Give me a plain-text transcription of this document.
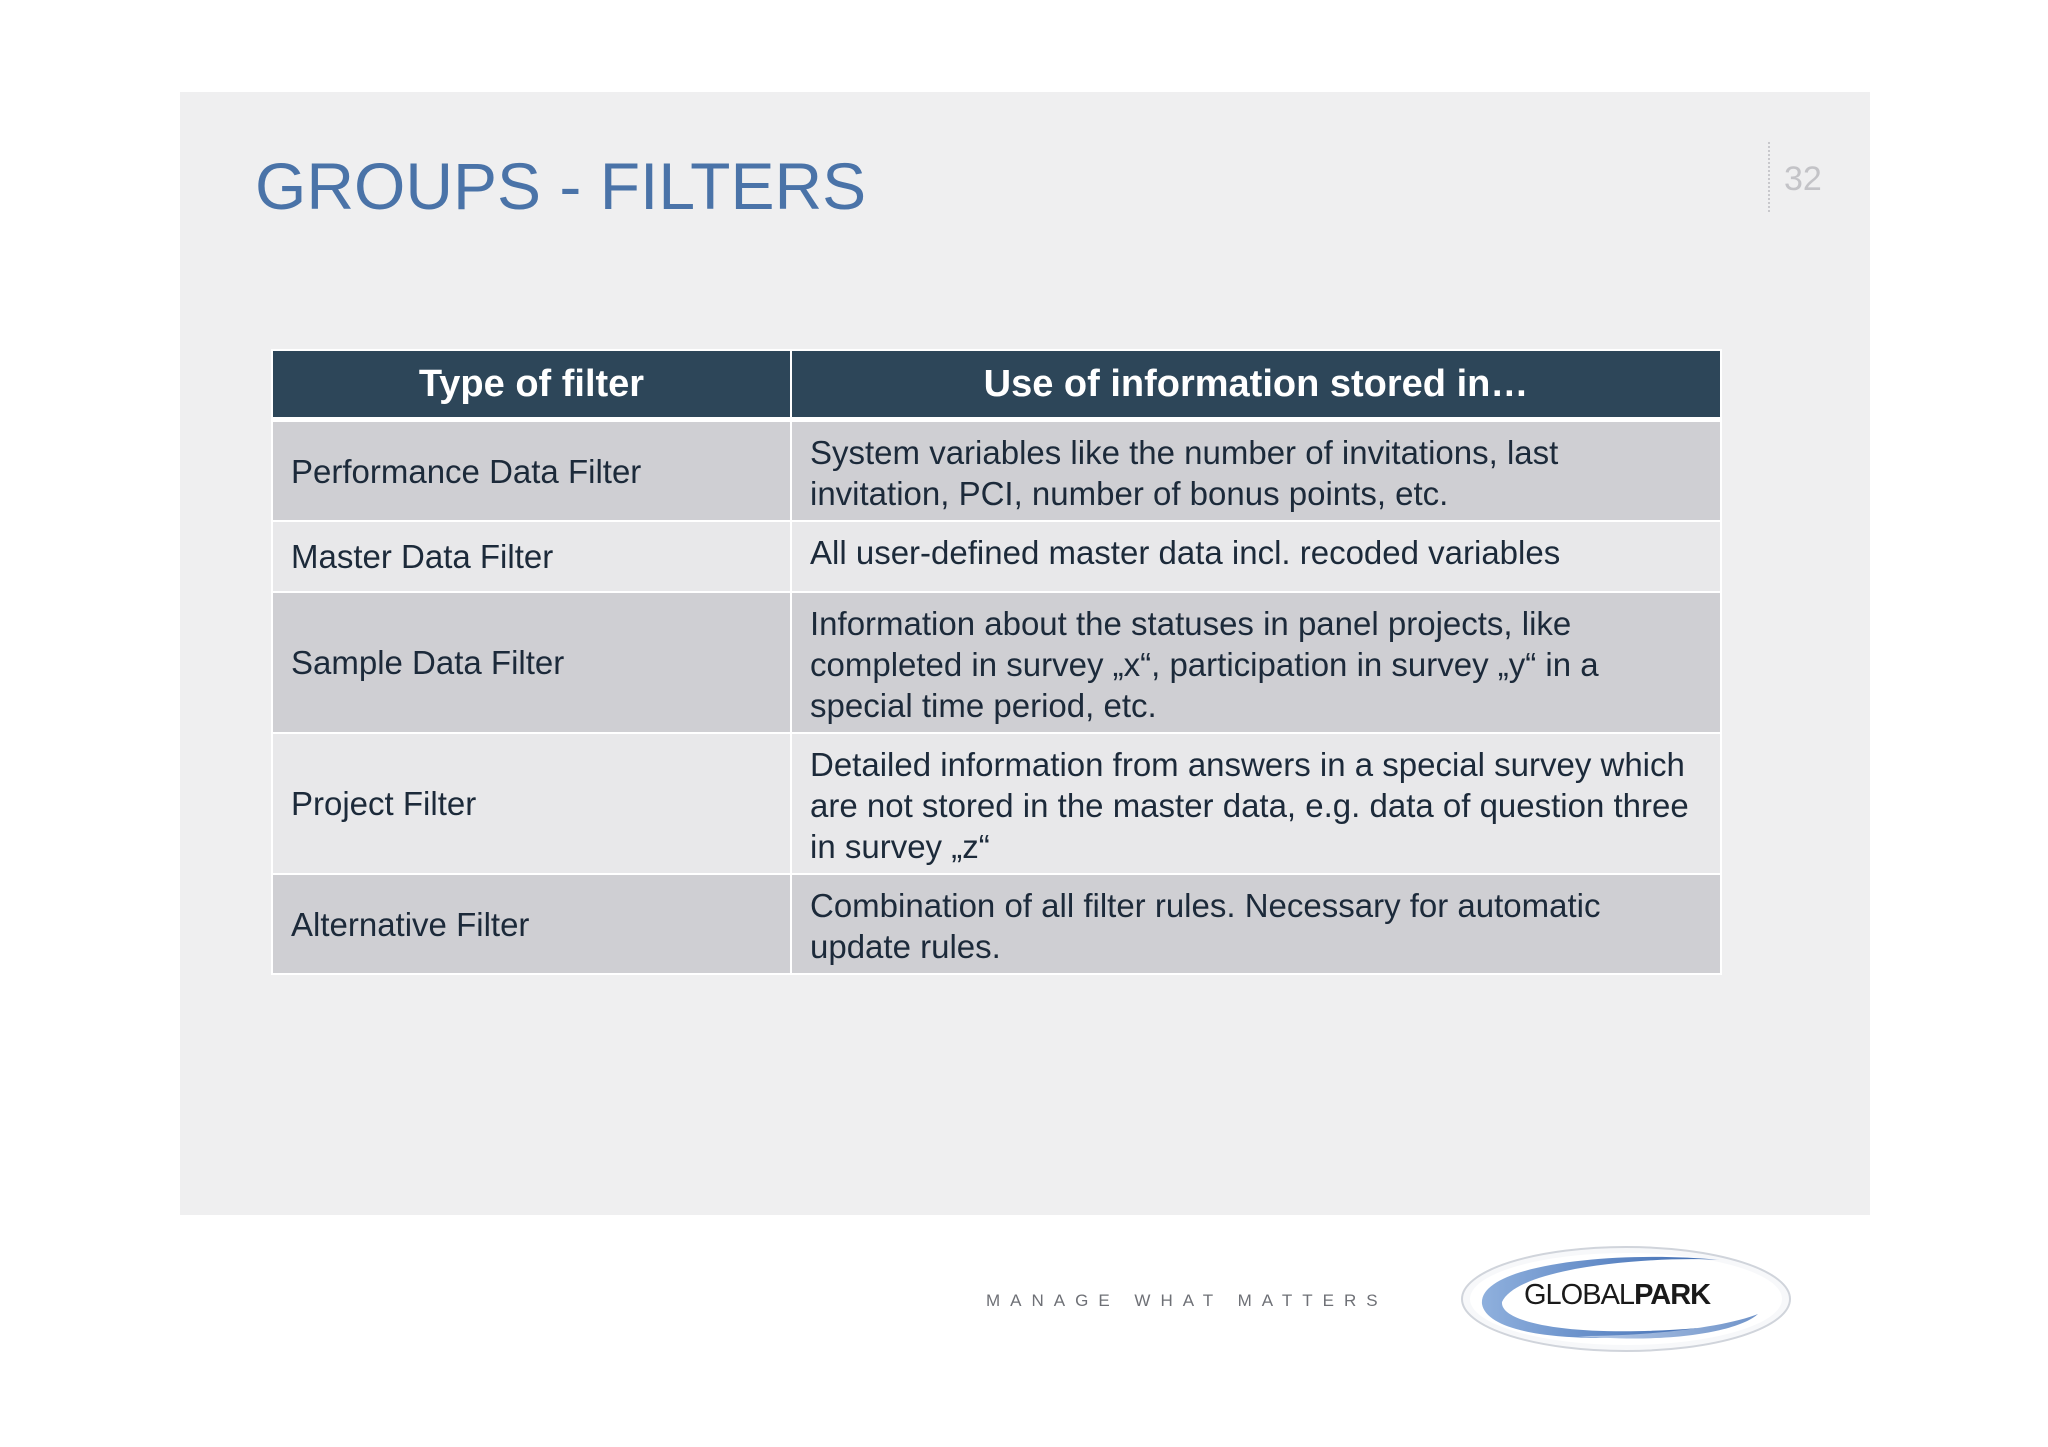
GROUPS - FILTERS	32
Type of filter	Use of information stored in…
Performance Data Filter	System variables like the number of invitations, last invitation, PCI, number of bonus points, etc.
Master Data Filter	All user-defined master data incl. recoded variables
Sample Data Filter	Information about the statuses in panel projects, like completed in survey „x“, participation in survey „y“ in a special time period, etc.
Project Filter	Detailed information from answers in a special survey which are not stored in the master data, e.g. data of question three in survey „z“
Alternative Filter	Combination of all filter rules. Necessary for automatic update rules.
MANAGE WHAT MATTERS	GLOBALPARK
